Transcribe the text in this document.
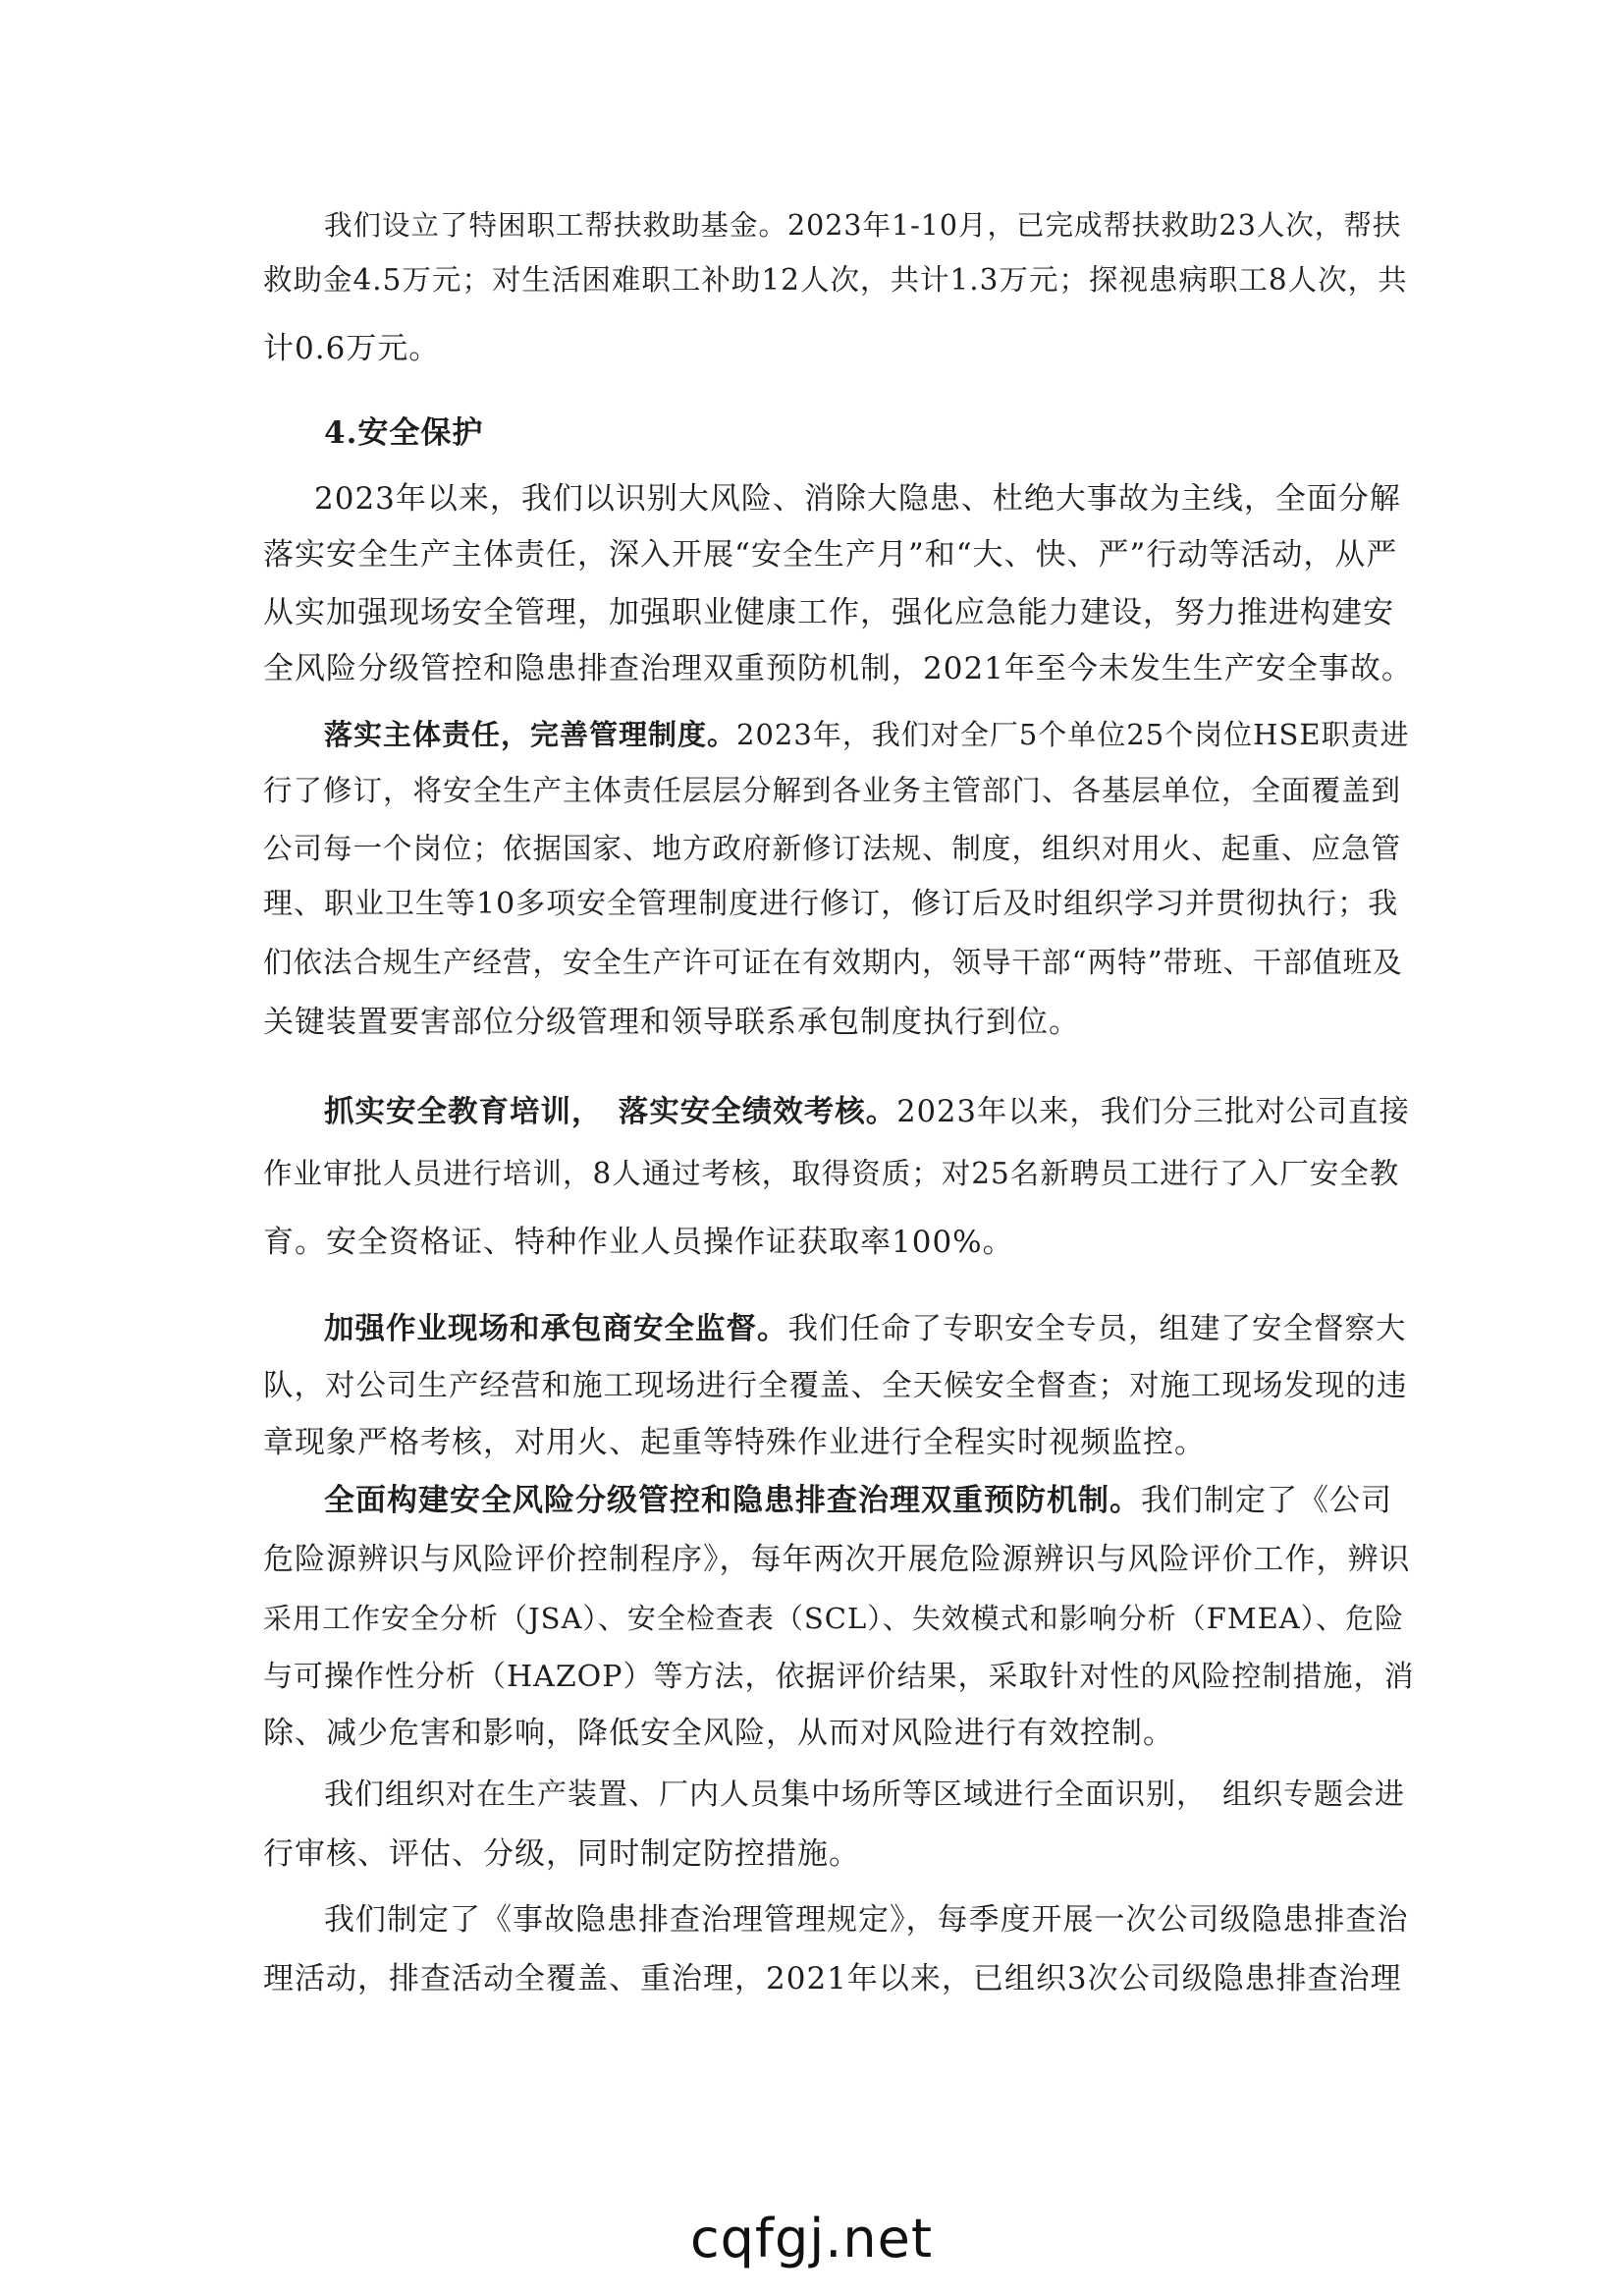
我们设立了特困职工帮扶救助基金。2023年1-10月，已完成帮扶救助23人次，帮扶
救助金4.5万元；对生活困难职工补助12人次，共计1.3万元；探视患病职工8人次，共
计0.6万元。
4.安全保护
2023年以来，我们以识别大风险、消除大隐患、杜绝大事故为主线，全面分解
落实安全生产主体责任，深入开展“安全生产月”和“大、快、严”行动等活动，从严
从实加强现场安全管理，加强职业健康工作，强化应急能力建设，努力推进构建安
全风险分级管控和隐患排查治理双重预防机制，2021年至今未发生生产安全事故。
落实主体责任，完善管理制度。2023年，我们对全厂5个单位25个岗位HSE职责进
行了修订，将安全生产主体责任层层分解到各业务主管部门、各基层单位，全面覆盖到
公司每一个岗位；依据国家、地方政府新修订法规、制度，组织对用火、起重、应急管
理、职业卫生等10多项安全管理制度进行修订，修订后及时组织学习并贯彻执行；我
们依法合规生产经营，安全生产许可证在有效期内，领导干部“两特”带班、干部值班及
关键装置要害部位分级管理和领导联系承包制度执行到位。
抓实安全教育培训，　落实安全绩效考核。2023年以来，我们分三批对公司直接
作业审批人员进行培训，8人通过考核，取得资质；对25名新聘员工进行了入厂安全教
育。安全资格证、特种作业人员操作证获取率100%。
加强作业现场和承包商安全监督。我们任命了专职安全专员，组建了安全督察大
队，对公司生产经营和施工现场进行全覆盖、全天候安全督查；对施工现场发现的违
章现象严格考核，对用火、起重等特殊作业进行全程实时视频监控。
全面构建安全风险分级管控和隐患排查治理双重预防机制。我们制定了《公司
危险源辨识与风险评价控制程序》，每年两次开展危险源辨识与风险评价工作，辨识
采用工作安全分析（JSA）、安全检查表（SCL）、失效模式和影响分析（FMEA）、危险
与可操作性分析（HAZOP）等方法，依据评价结果，采取针对性的风险控制措施，消
除、减少危害和影响，降低安全风险，从而对风险进行有效控制。
我们组织对在生产装置、厂内人员集中场所等区域进行全面识别，　组织专题会进
行审核、评估、分级，同时制定防控措施。
我们制定了《事故隐患排查治理管理规定》，每季度开展一次公司级隐患排查治
理活动，排查活动全覆盖、重治理，2021年以来，已组织3次公司级隐患排查治理
cqfgj.net
